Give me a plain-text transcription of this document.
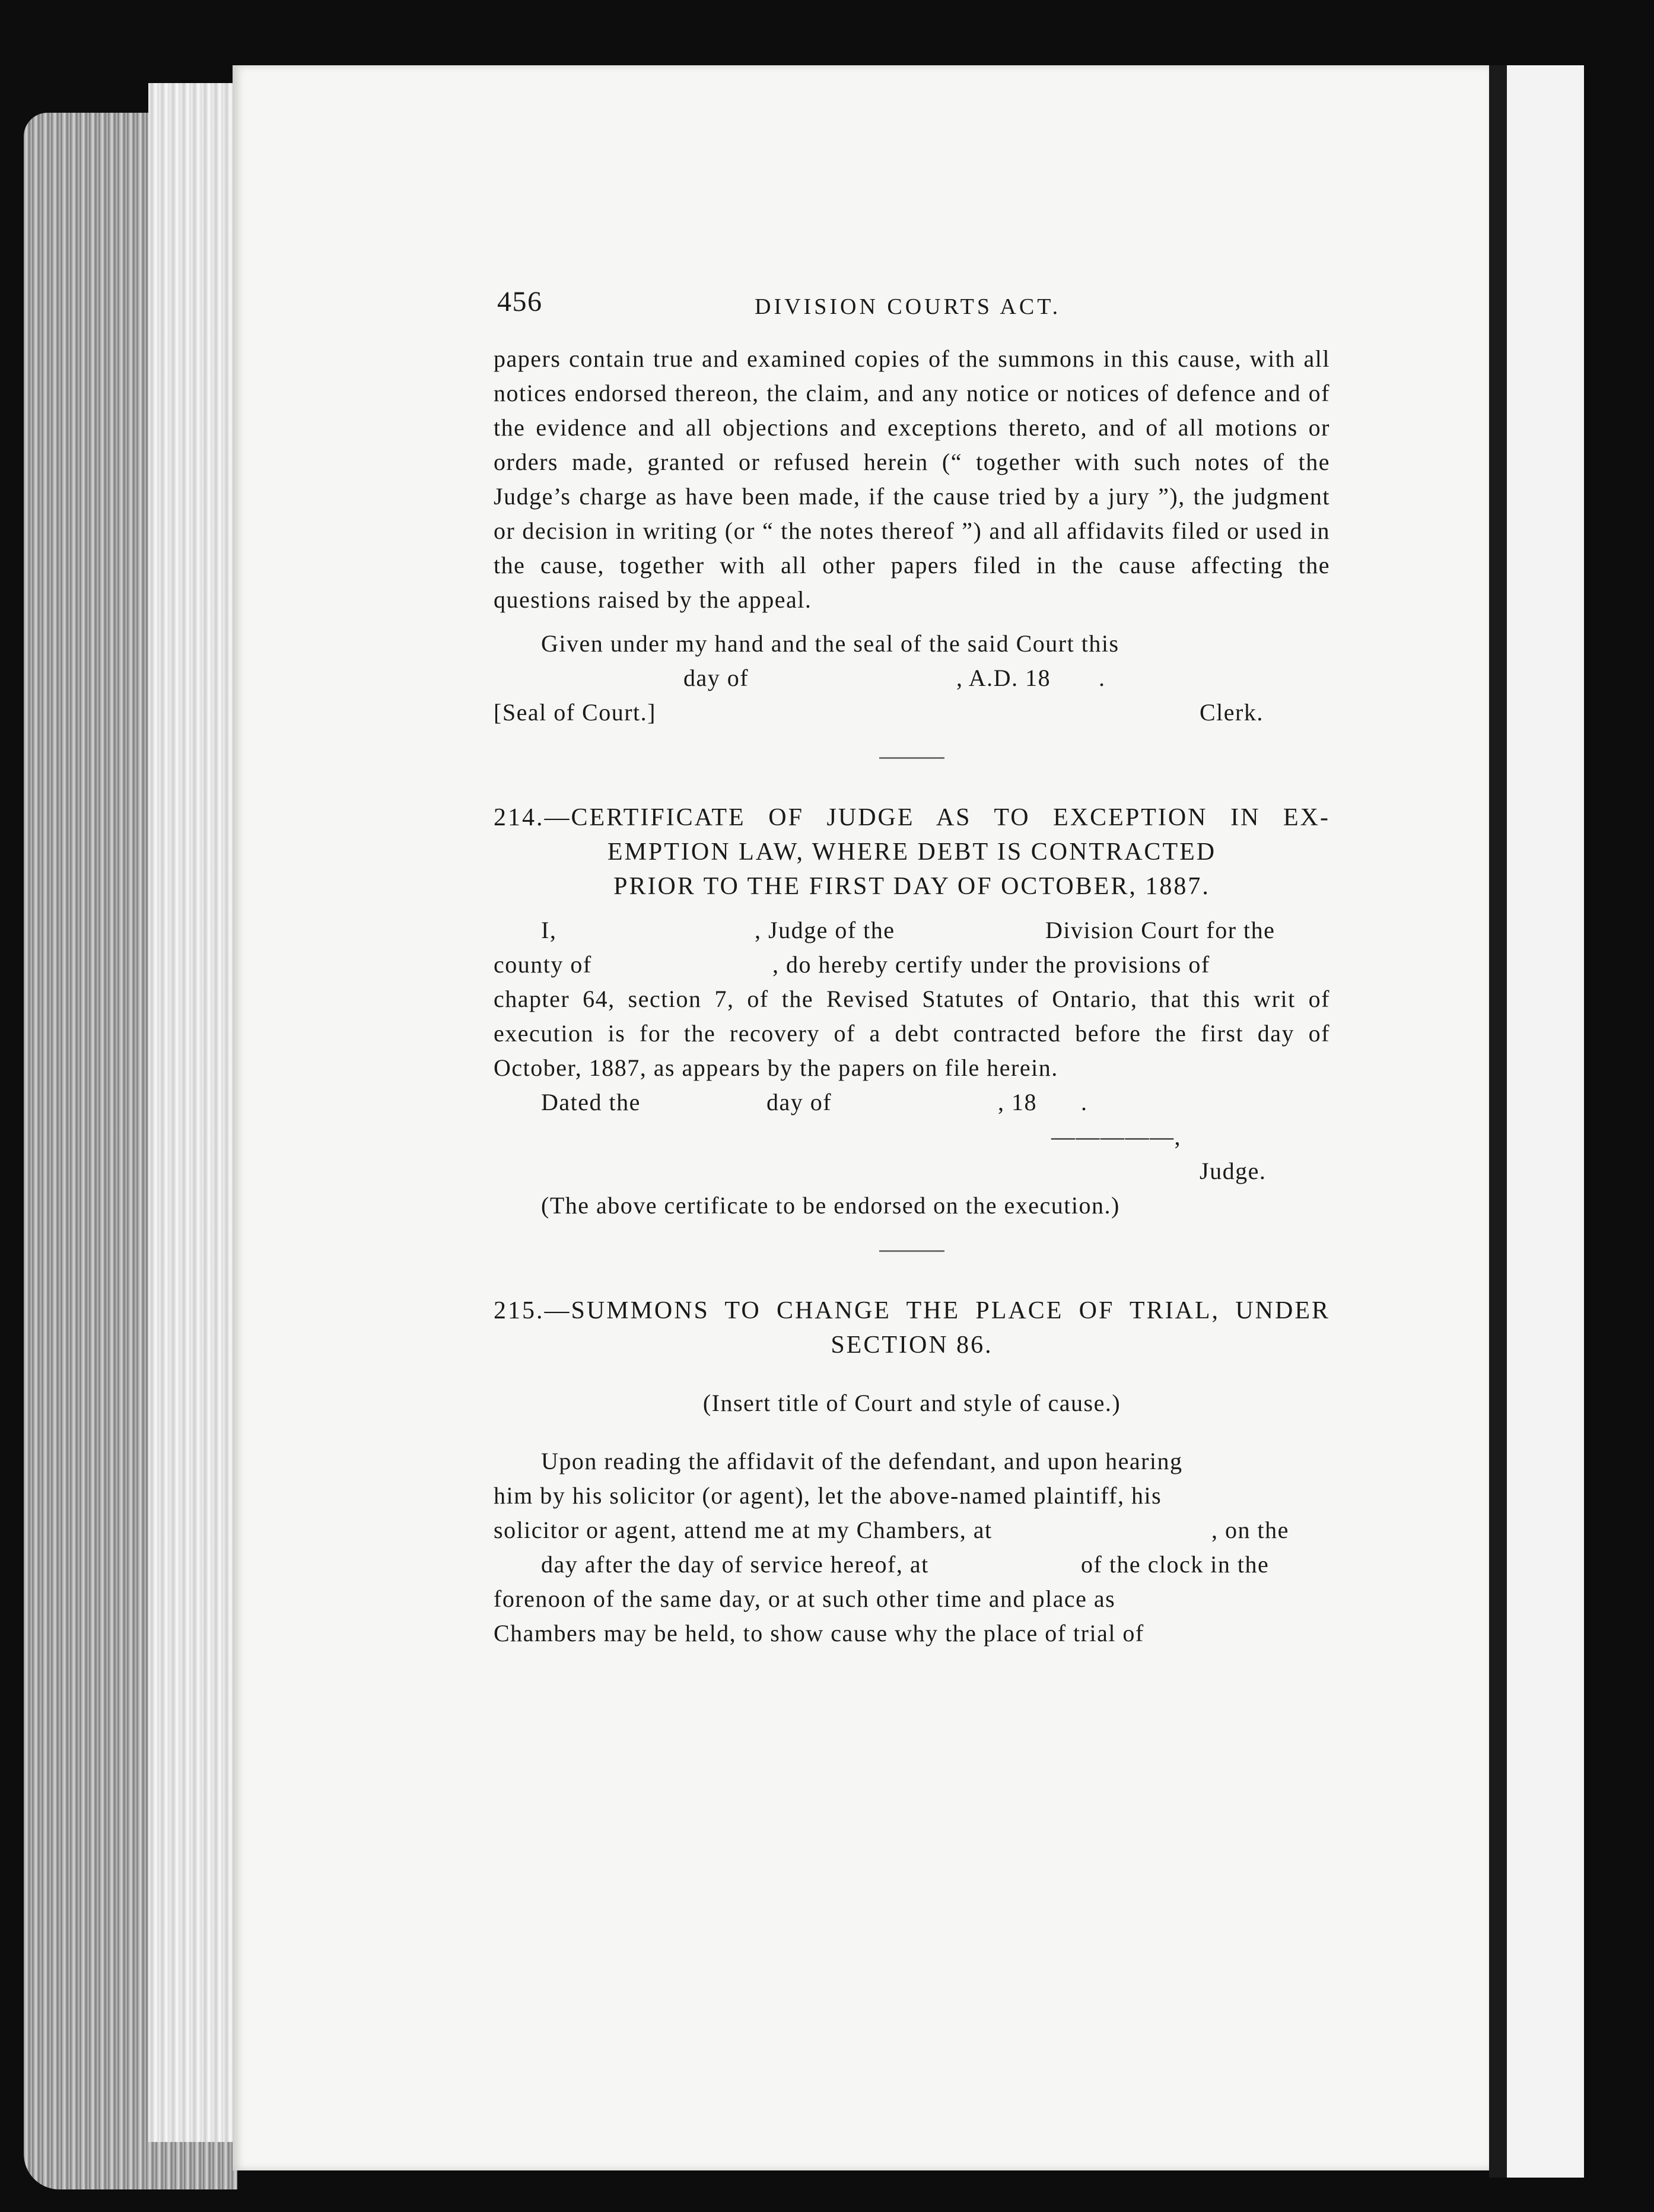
456	DIVISION COURTS ACT.

papers contain true and examined copies of the summons in this cause, with all notices endorsed thereon, the claim, and any notice or notices of defence and of the evidence and all objections and exceptions thereto, and of all motions or orders made, granted or refused herein (“ together with such notes of the Judge’s charge as have been made, if the cause tried by a jury ”), the judgment or decision in writing (or “ the notes thereof ”) and all affidavits filed or used in the cause, together with all other papers filed in the cause affecting the questions raised by the appeal.

Given under my hand and the seal of the said Court this
day of	, A.D. 18 .
[Seal of Court.]	Clerk.
214.—CERTIFICATE OF JUDGE AS TO EXCEPTION IN EX-
EMPTION LAW, WHERE DEBT IS CONTRACTED
PRIOR TO THE FIRST DAY OF OCTOBER, 1887.
I,	, Judge of the	Division Court for the
county of	, do hereby certify under the provisions of

chapter 64, section 7, of the Revised Statutes of Ontario, that this writ of execution is for the recovery of a debt contracted before the first day of October, 1887, as appears by the papers on file herein.

Dated the	day of	, 18 .
—————,
Judge.
(The above certificate to be endorsed on the execution.)
215.—SUMMONS TO CHANGE THE PLACE OF TRIAL, UNDER
SECTION 86.
(Insert title of Court and style of cause.)
Upon reading the affidavit of the defendant, and upon hearing
him by his solicitor (or agent), let the above-named plaintiff, his
solicitor or agent, attend me at my Chambers, at	, on the
day after the day of service hereof, at	of the clock in the
forenoon of the same day, or at such other time and place as
Chambers may be held, to show cause why the place of trial of
